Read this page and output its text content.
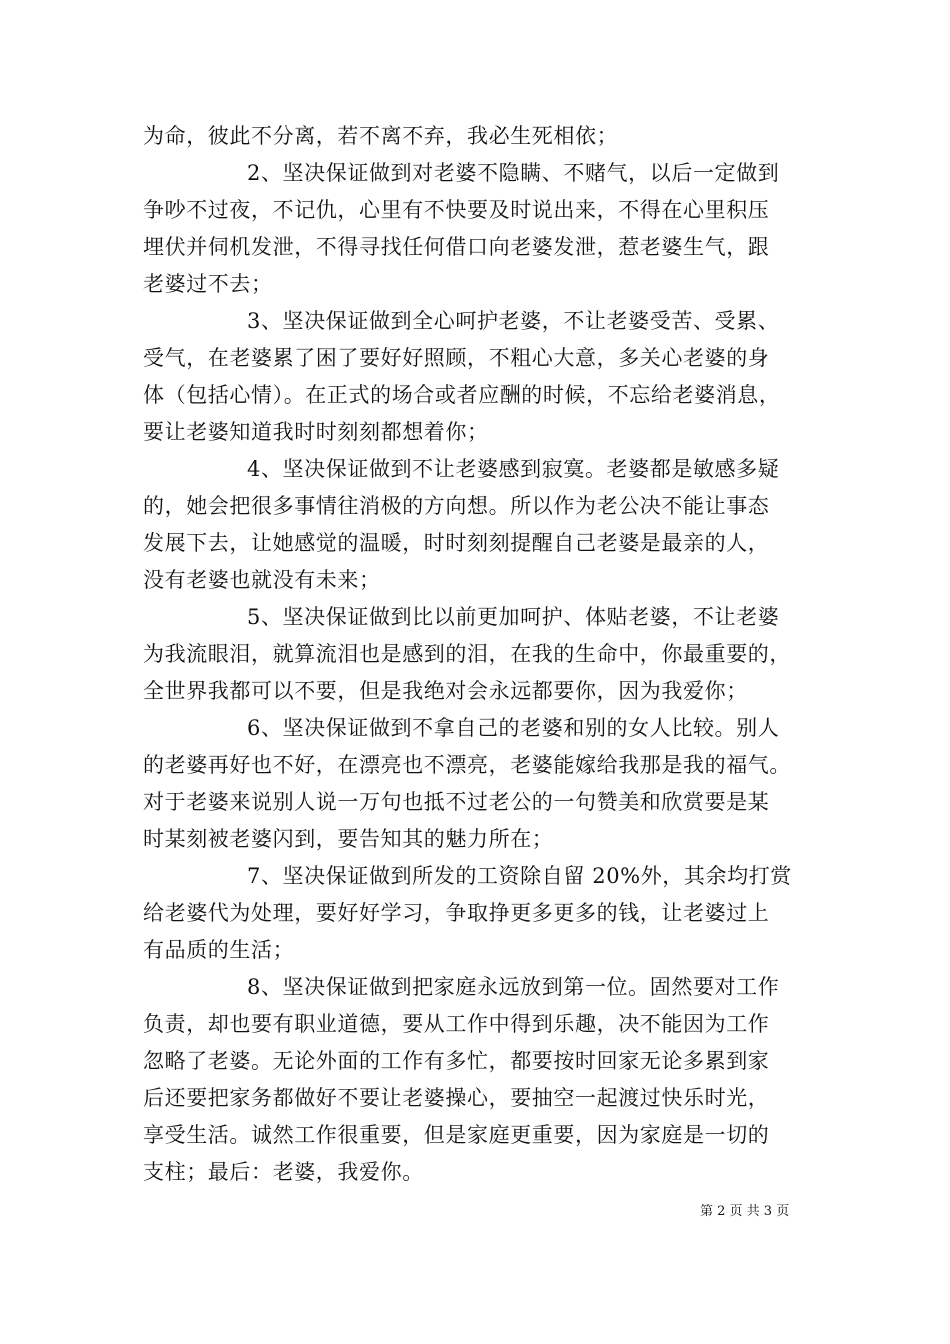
为命，彼此不分离，若不离不弃，我必生死相依；
2、坚决保证做到对老婆不隐瞒、不赌气，以后一定做到
争吵不过夜，不记仇，心里有不快要及时说出来，不得在心里积压
埋伏并伺机发泄，不得寻找任何借口向老婆发泄，惹老婆生气，跟
老婆过不去；
3、坚决保证做到全心呵护老婆，不让老婆受苦、受累、
受气，在老婆累了困了要好好照顾，不粗心大意，多关心老婆的身
体（包括心情）。在正式的场合或者应酬的时候，不忘给老婆消息，
要让老婆知道我时时刻刻都想着你；
4、坚决保证做到不让老婆感到寂寞。老婆都是敏感多疑
的，她会把很多事情往消极的方向想。所以作为老公决不能让事态
发展下去，让她感觉的温暖，时时刻刻提醒自己老婆是最亲的人，
没有老婆也就没有未来；
5、坚决保证做到比以前更加呵护、体贴老婆，不让老婆
为我流眼泪，就算流泪也是感到的泪，在我的生命中，你最重要的，
全世界我都可以不要，但是我绝对会永远都要你，因为我爱你；
6、坚决保证做到不拿自己的老婆和别的女人比较。别人
的老婆再好也不好，在漂亮也不漂亮，老婆能嫁给我那是我的福气。
对于老婆来说别人说一万句也抵不过老公的一句赞美和欣赏要是某
时某刻被老婆闪到，要告知其的魅力所在；
7、坚决保证做到所发的工资除自留 20%外，其余均打赏
给老婆代为处理，要好好学习，争取挣更多更多的钱，让老婆过上
有品质的生活；
8、坚决保证做到把家庭永远放到第一位。固然要对工作
负责，却也要有职业道德，要从工作中得到乐趣，决不能因为工作
忽略了老婆。无论外面的工作有多忙，都要按时回家无论多累到家
后还要把家务都做好不要让老婆操心，要抽空一起渡过快乐时光，
享受生活。诚然工作很重要，但是家庭更重要，因为家庭是一切的
支柱；最后：老婆，我爱你。
第 2 页 共 3 页
